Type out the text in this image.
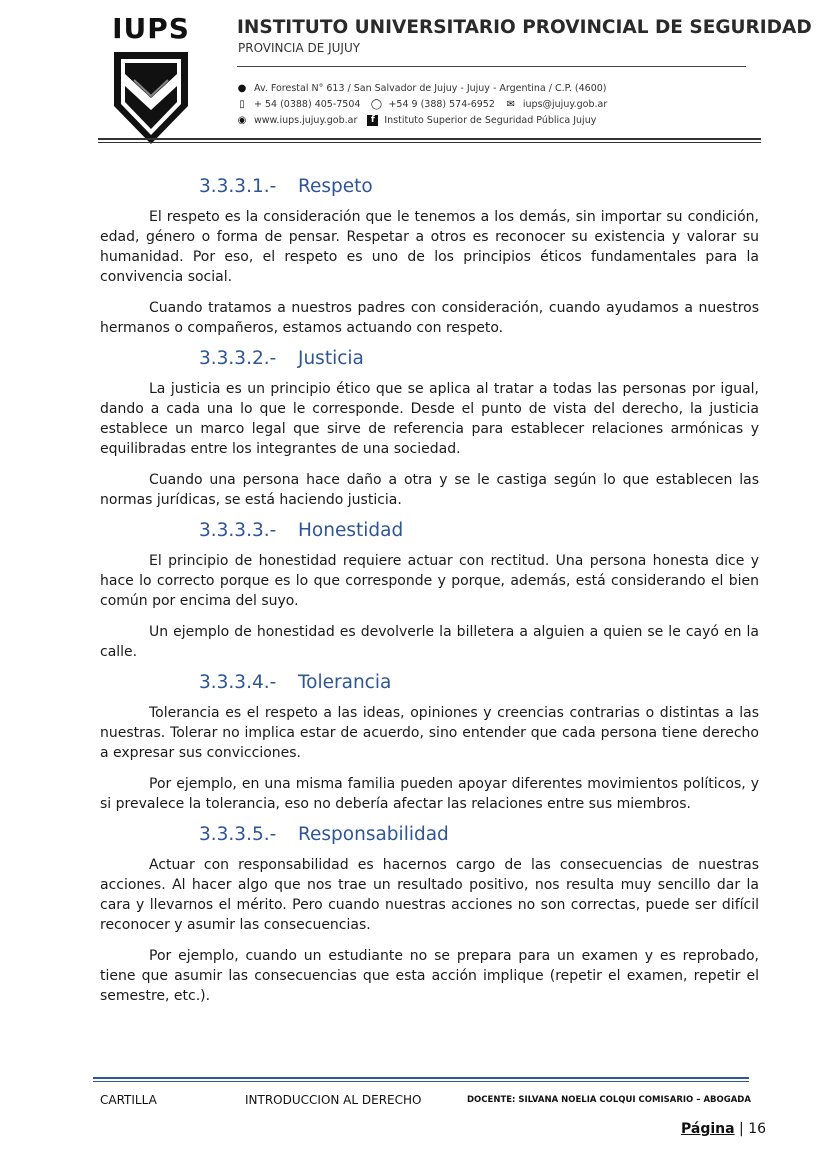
IUPS	INSTITUTO UNIVERSITARIO PROVINCIAL DE SEGURIDAD
PROVINCIA DE JUJUY
● Av. Forestal N° 613 / San Salvador de Jujuy - Jujuy - Argentina / C.P. (4600)
▯ + 54 (0388) 405-7504 ◯ +54 9 (388) 574-6952 ✉ iups@jujuy.gob.ar
◉ www.iups.jujuy.gob.ar	f	Instituto Superior de Seguridad Pública Jujuy
3.3.3.1.- Respeto

El respeto es la consideración que le tenemos a los demás, sin importar su condición, edad, género o forma de pensar. Respetar a otros es reconocer su existencia y valorar su humanidad. Por eso, el respeto es uno de los principios éticos fundamentales para la convivencia social.

Cuando tratamos a nuestros padres con consideración, cuando ayudamos a nuestros hermanos o compañeros, estamos actuando con respeto.

3.3.3.2.- Justicia

La justicia es un principio ético que se aplica al tratar a todas las personas por igual, dando a cada una lo que le corresponde. Desde el punto de vista del derecho, la justicia establece un marco legal que sirve de referencia para establecer relaciones armónicas y equilibradas entre los integrantes de una sociedad.

Cuando una persona hace daño a otra y se le castiga según lo que establecen las normas jurídicas, se está haciendo justicia.

3.3.3.3.- Honestidad

El principio de honestidad requiere actuar con rectitud. Una persona honesta dice y hace lo correcto porque es lo que corresponde y porque, además, está considerando el bien común por encima del suyo.

Un ejemplo de honestidad es devolverle la billetera a alguien a quien se le cayó en la calle.

3.3.3.4.- Tolerancia

Tolerancia es el respeto a las ideas, opiniones y creencias contrarias o distintas a las nuestras. Tolerar no implica estar de acuerdo, sino entender que cada persona tiene derecho a expresar sus convicciones.

Por ejemplo, en una misma familia pueden apoyar diferentes movimientos políticos, y si prevalece la tolerancia, eso no debería afectar las relaciones entre sus miembros.

3.3.3.5.- Responsabilidad

Actuar con responsabilidad es hacernos cargo de las consecuencias de nuestras acciones. Al hacer algo que nos trae un resultado positivo, nos resulta muy sencillo dar la cara y llevarnos el mérito. Pero cuando nuestras acciones no son correctas, puede ser difícil reconocer y asumir las consecuencias.

Por ejemplo, cuando un estudiante no se prepara para un examen y es reprobado, tiene que asumir las consecuencias que esta acción implique (repetir el examen, repetir el semestre, etc.).

CARTILLA	INTRODUCCION AL DERECHO	DOCENTE: SILVANA NOELIA COLQUI COMISARIO – ABOGADA
Página | 16
